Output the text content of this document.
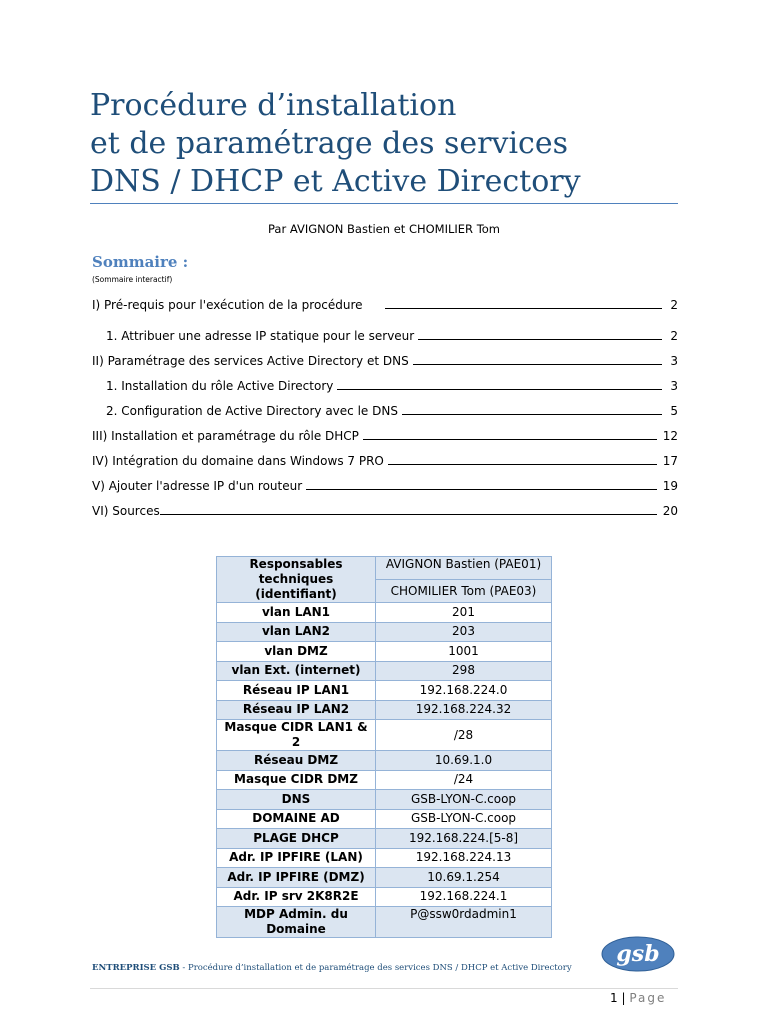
Procédure d’installation
et de paramétrage des services
DNS / DHCP et Active Directory
Par AVIGNON Bastien et CHOMILIER Tom
Sommaire :
(Sommaire interactif)
I) Pré-requis pour l'exécution de la procédure	2
1. Attribuer une adresse IP statique pour le serveur	2
II) Paramétrage des services Active Directory et DNS	3
1. Installation du rôle Active Directory	3
2. Configuration de Active Directory avec le DNS	5
III) Installation et paramétrage du rôle DHCP	12
IV) Intégration du domaine dans Windows 7 PRO	17
V) Ajouter l'adresse IP d'un routeur	19
VI) Sources	20
Responsables techniques (identifiant)	AVIGNON Bastien (PAE01)
	CHOMILIER Tom (PAE03)
vlan LAN1	201
vlan LAN2	203
vlan DMZ	1001
vlan Ext. (internet)	298
Réseau IP LAN1	192.168.224.0
Réseau IP LAN2	192.168.224.32
Masque CIDR LAN1 & 2	/28
Réseau DMZ	10.69.1.0
Masque CIDR DMZ	/24
DNS	GSB-LYON-C.coop
DOMAINE AD	GSB-LYON-C.coop
PLAGE DHCP	192.168.224.[5-8]
Adr. IP IPFIRE (LAN)	192.168.224.13
Adr. IP IPFIRE (DMZ)	10.69.1.254
Adr. IP srv 2K8R2E	192.168.224.1
MDP Admin. du Domaine	P@ssw0rdadmin1
ENTREPRISE GSB - Procédure d’installation et de paramétrage des services DNS / DHCP et Active Directory
gsb
1 | Page
